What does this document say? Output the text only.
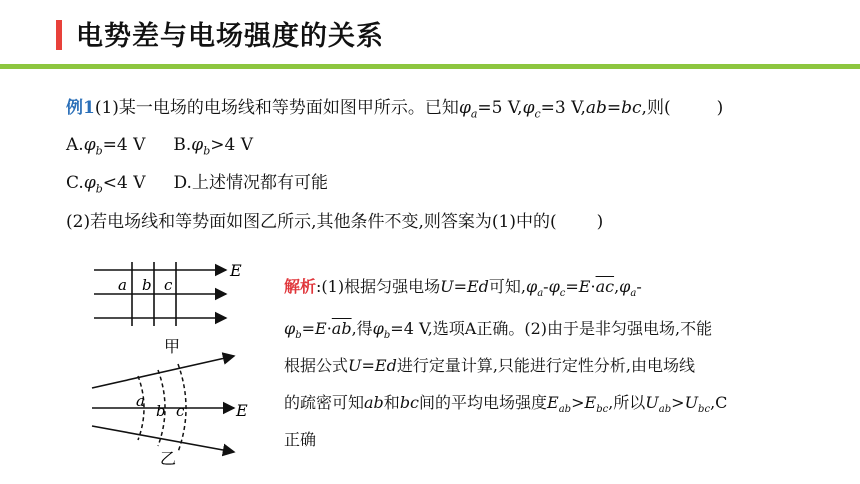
电势差与电场强度的关系
例1(1)某一电场的电场线和等势面如图甲所示。已知$\varphi_a=5$ $V,\varphi_c=3$ V,ab=bc,则(	)
$A.\varphi_b=4$ V $B.\varphi_b>4$ V
$C.\varphi_b<4$ V D.上述情况都有可能
(2)若电场线和等势面如图乙所示,其他条件不变,则答案为(1)中的( )
E
a b c
甲
E
a
b c
乙
解析:(1)根据匀强电场U=Ed可知$,\varphi_a-\varphi_c=E\cdot\overline{ac},\varphi_a-$
$\varphi_b=E\cdot\overline{ab}$,得$\varphi_b=4$ V,选项A正确。(2)由于是非匀强电场,不能
根据公式U=Ed进行定量计算,只能进行定性分析,由电场线
的疏密可知ab和bc间的平均电场强度$E_{ab}>E_{bc}$,所以$U_{ab}>U_{bc},C$
正确
